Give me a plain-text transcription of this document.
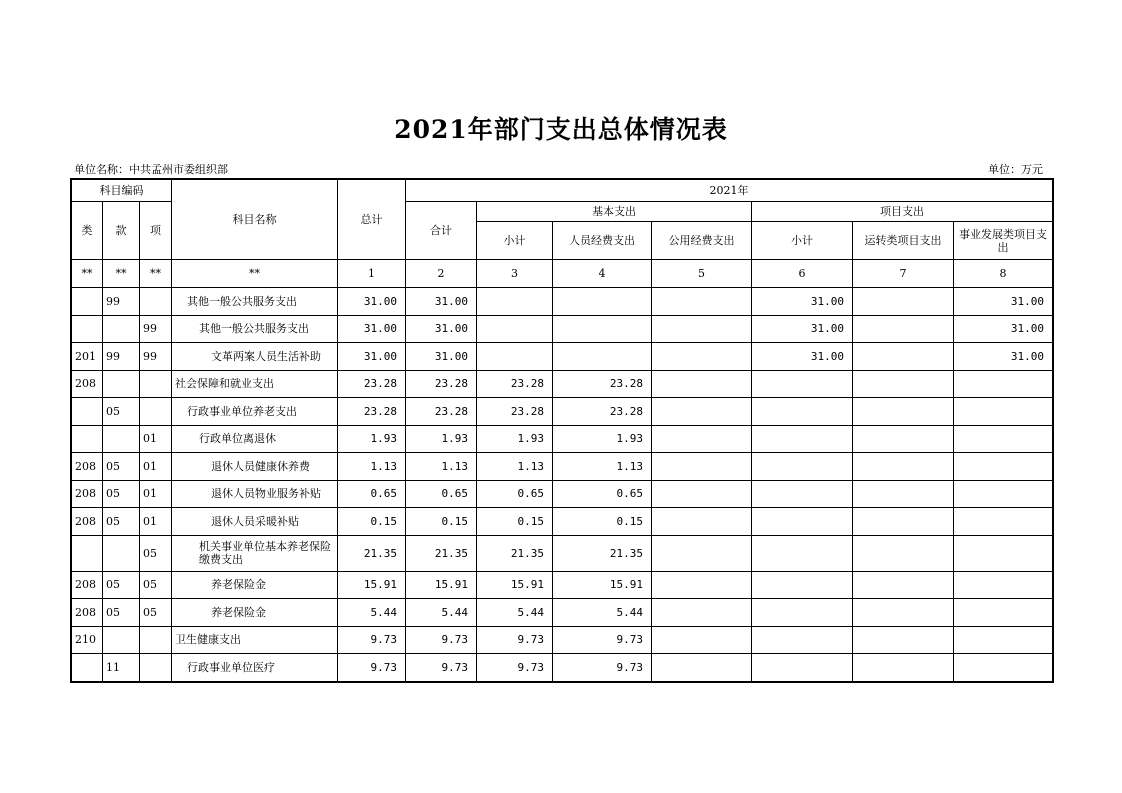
2021年部门支出总体情况表
单位名称：中共孟州市委组织部	单位：万元
科目编码			科目名称	总计	2021年						
类	款	项			合计	基本支出			项目支出		
						小计	人员经费支出	公用经费支出	小计	运转类项目支出	事业发展类项目支出
**	**	**	**	1	2	3	4	5	6	7	8
	99		其他一般公共服务支出	31.00	31.00				31.00		31.00
		99	其他一般公共服务支出	31.00	31.00				31.00		31.00
201	99	99	文革两案人员生活补助	31.00	31.00				31.00		31.00
208			社会保障和就业支出	23.28	23.28	23.28	23.28				
	05		行政事业单位养老支出	23.28	23.28	23.28	23.28				
		01	行政单位离退休	1.93	1.93	1.93	1.93				
208	05	01	退休人员健康休养费	1.13	1.13	1.13	1.13				
208	05	01	退休人员物业服务补贴	0.65	0.65	0.65	0.65				
208	05	01	退休人员采暖补贴	0.15	0.15	0.15	0.15				
		05	机关事业单位基本养老保险缴费支出	21.35	21.35	21.35	21.35				
208	05	05	养老保险金	15.91	15.91	15.91	15.91				
208	05	05	养老保险金	5.44	5.44	5.44	5.44				
210			卫生健康支出	9.73	9.73	9.73	9.73				
	11		行政事业单位医疗	9.73	9.73	9.73	9.73				
